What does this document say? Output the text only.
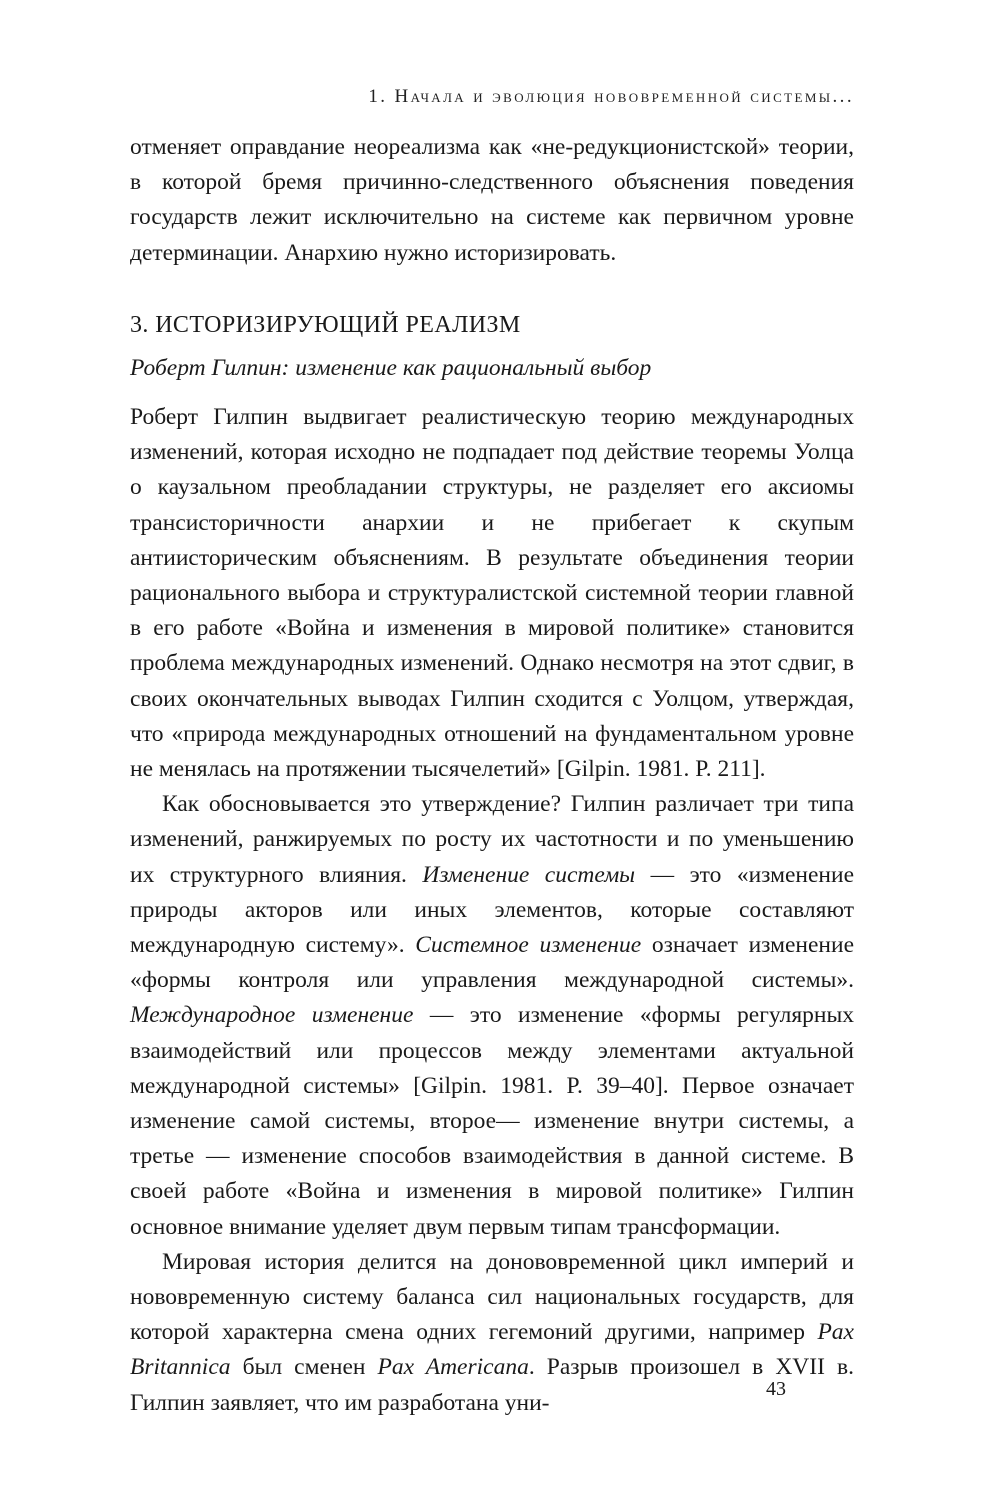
1. Начала и эволюция нововременной системы...

отменяет оправдание неореализма как «не-редукционистской» теории, в которой бремя причинно-следственного объяснения поведения государств лежит исключительно на системе как первичном уровне детерминации. Анархию нужно историзировать.

3. ИСТОРИЗИРУЮЩИЙ РЕАЛИЗМ
Роберт Гилпин: изменение как рациональный выбор

Роберт Гилпин выдвигает реалистическую теорию международных изменений, которая исходно не подпадает под действие теоремы Уолца о каузальном преобладании структуры, не разделяет его аксиомы трансисторичности анархии и не прибегает к скупым антиисторическим объяснениям. В результате объединения теории рационального выбора и структуралистской системной теории главной в его работе «Война и изменения в мировой политике» становится проблема международных изменений. Однако несмотря на этот сдвиг, в своих окончательных выводах Гилпин сходится с Уолцом, утверждая, что «природа международных отношений на фундаментальном уровне не менялась на протяжении тысячелетий» [Gilpin. 1981. P. 211].

Как обосновывается это утверждение? Гилпин различает три типа изменений, ранжируемых по росту их частотности и по уменьшению их структурного влияния. Изменение системы — это «изменение природы акторов или иных элементов, которые составляют международную систему». Системное изменение означает изменение «формы контроля или управления международной системы». Международное изменение — это изменение «формы регулярных взаимодействий или процессов между элементами актуальной международной системы» [Gilpin. 1981. P. 39–40]. Первое означает изменение самой системы, второе— изменение внутри системы, а третье — изменение способов взаимодействия в данной системе. В своей работе «Война и изменения в мировой политике» Гилпин основное внимание уделяет двум первым типам трансформации.

Мировая история делится на донововременной цикл империй и нововременную систему баланса сил национальных государств, для которой характерна смена одних гегемоний другими, например Pax Britannica был сменен Pax Americana. Разрыв произошел в XVII в. Гилпин заявляет, что им разработана уни-

43
